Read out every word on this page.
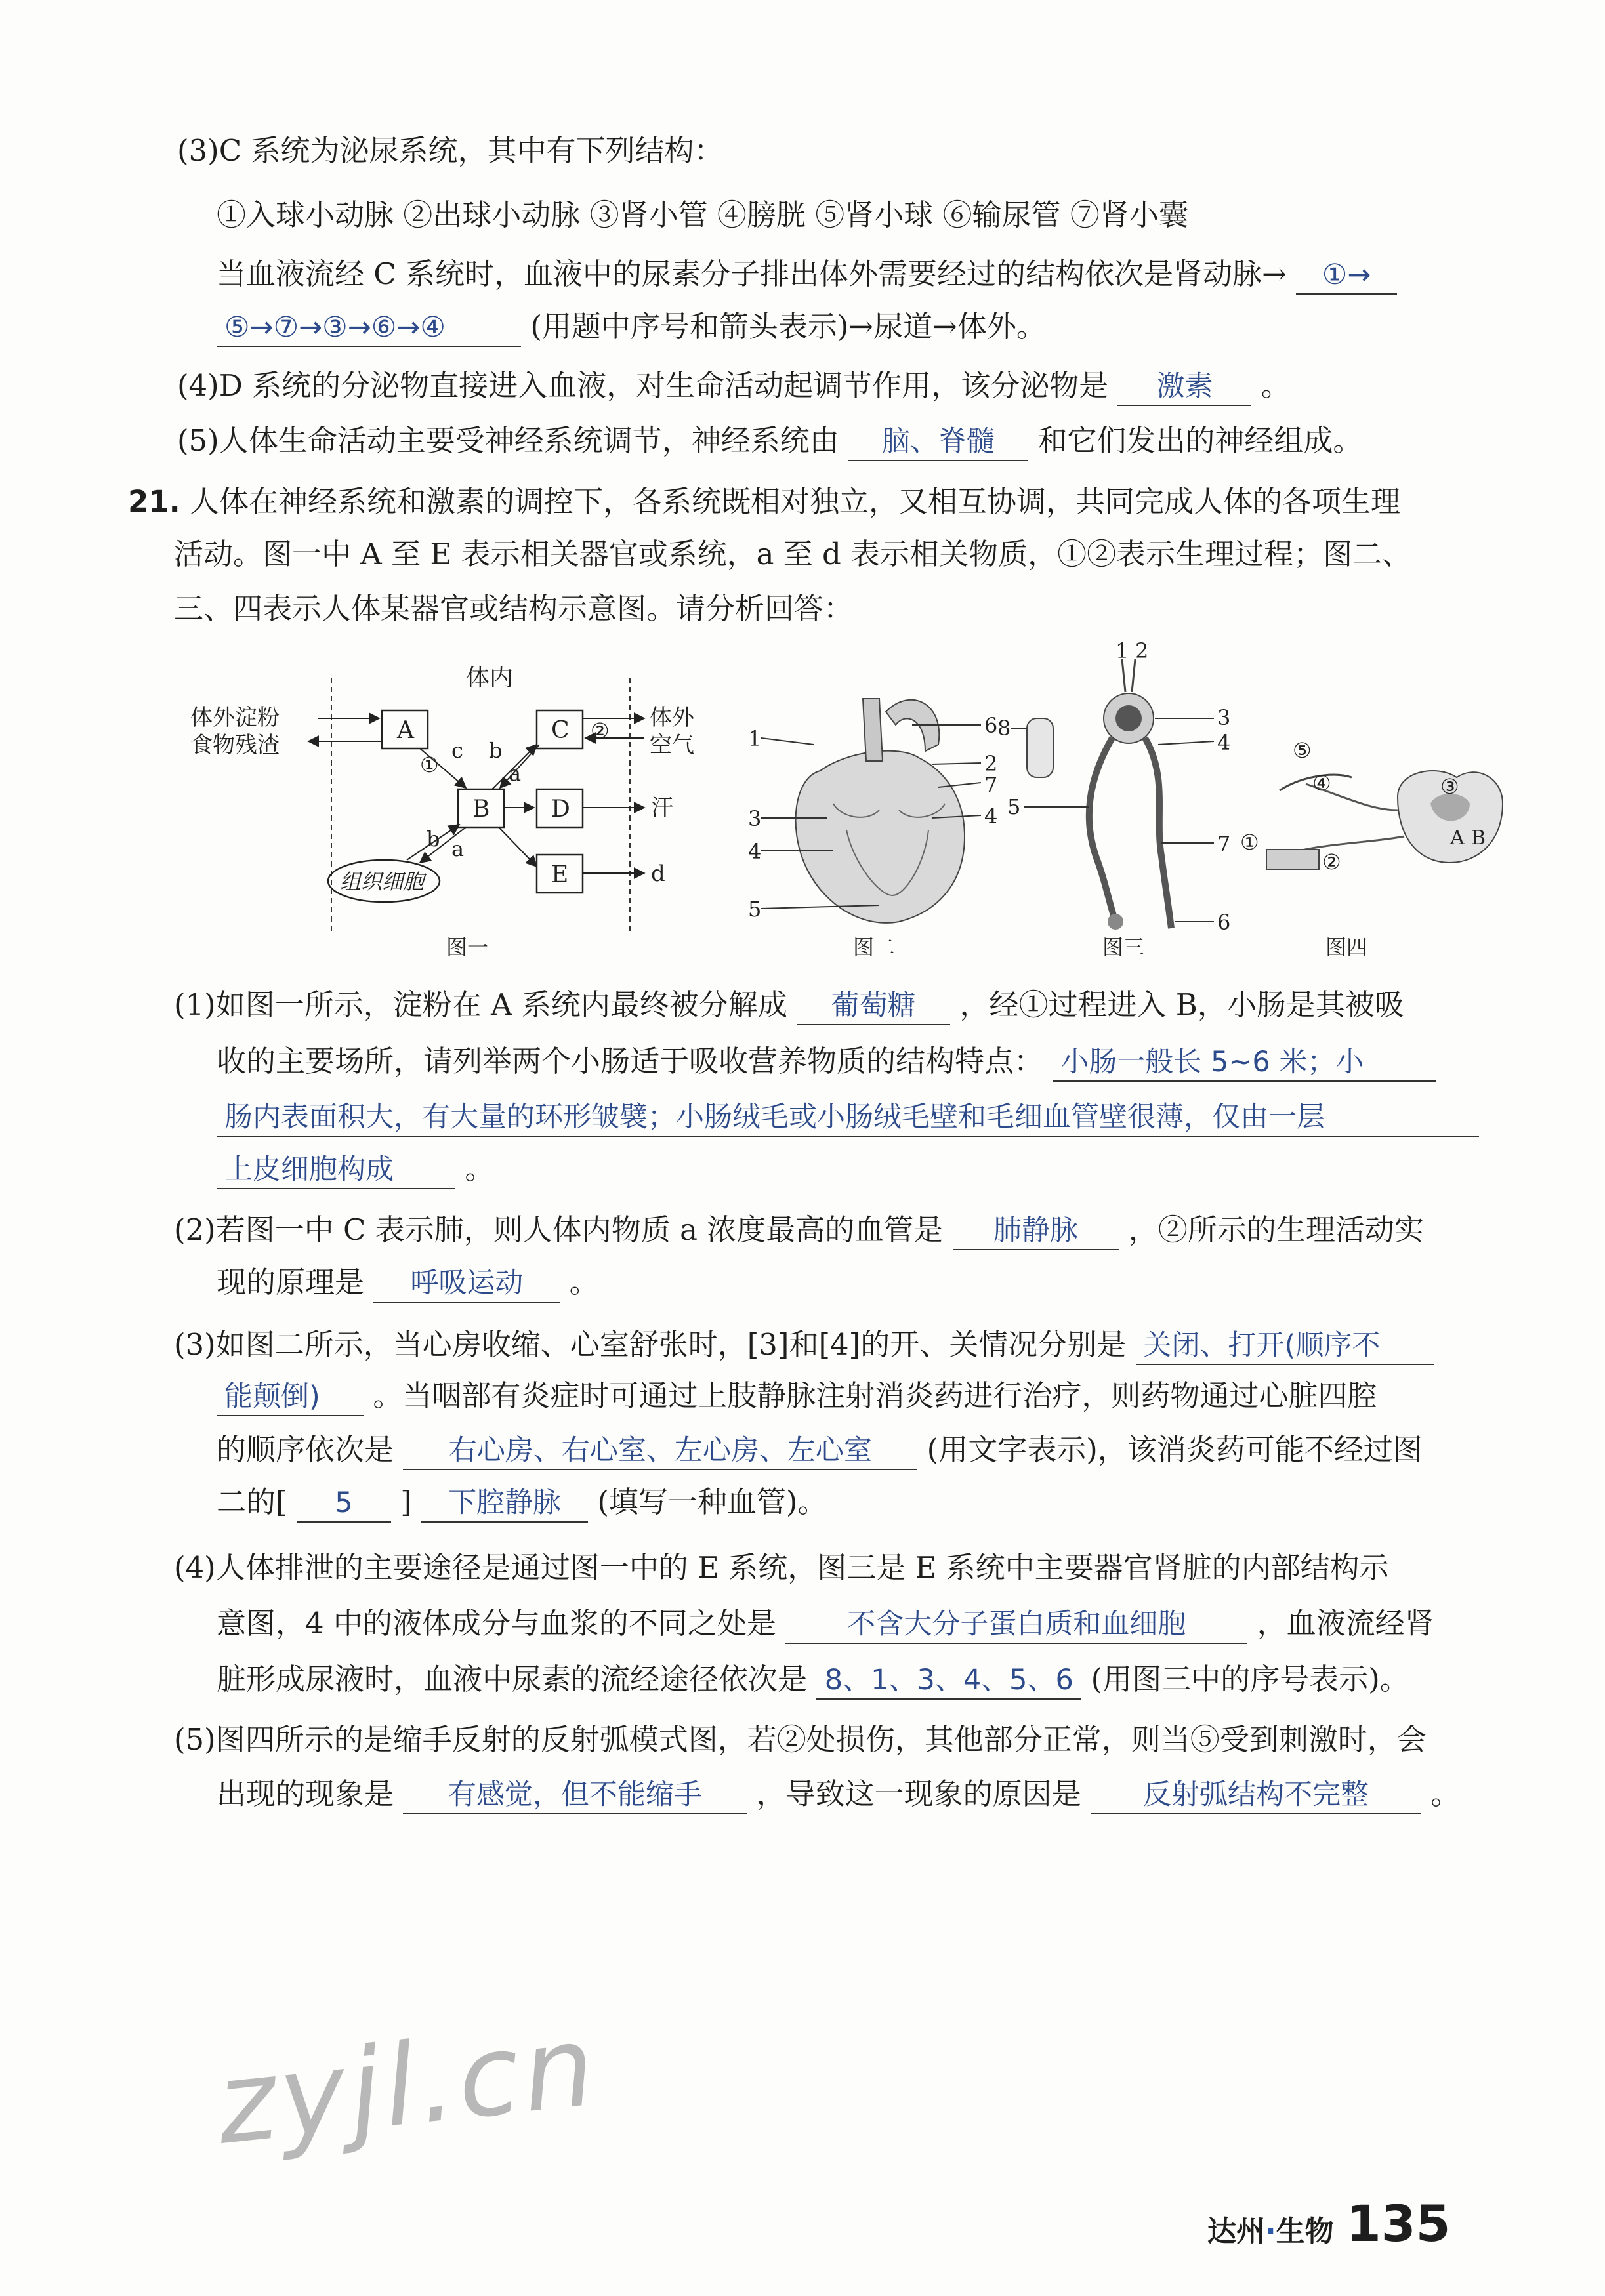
(3)C 系统为泌尿系统，其中有下列结构：
①入球小动脉 ②出球小动脉 ③肾小管 ④膀胱 ⑤肾小球 ⑥输尿管 ⑦肾小囊
当血液流经 C 系统时，血液中的尿素分子排出体外需要经过的结构依次是肾动脉→ ①→
⑤→⑦→③→⑥→④	(用题中序号和箭头表示)→尿道→体外。
(4)D 系统的分泌物直接进入血液，对生命活动起调节作用，该分泌物是 激素 。
(5)人体生命活动主要受神经系统调节，神经系统由 脑、脊髓 和它们发出的神经组成。
21. 人体在神经系统和激素的调控下，各系统既相对独立，又相互协调，共同完成人体的各项生理
活动。图一中 A 至 E 表示相关器官或系统，a 至 d 表示相关物质，①②表示生理过程；图二、
三、四表示人体某器官或结构示意图。请分析回答：
体内
体外淀粉
食物残渣
体外
空气
A
B
C
D
E
组织细胞
汗
d
c b
a
b a
①
②
图一
1
2
3
4
4
5
6
7
图二
1 2
3
4
5
6
7
8
图三
⑤
④	③
①
②
A B
图四
(1)如图一所示，淀粉在 A 系统内最终被分解成 葡萄糖 ，经①过程进入 B，小肠是其被吸
收的主要场所，请列举两个小肠适于吸收营养物质的结构特点： 小肠一般长 5~6 米；小
肠内表面积大，有大量的环形皱襞；小肠绒毛或小肠绒毛壁和毛细血管壁很薄，仅由一层
上皮细胞构成 。
(2)若图一中 C 表示肺，则人体内物质 a 浓度最高的血管是 肺静脉 ，②所示的生理活动实
现的原理是 呼吸运动 。
(3)如图二所示，当心房收缩、心室舒张时，[3]和[4]的开、关情况分别是 关闭、打开(顺序不
能颠倒) 。当咽部有炎症时可通过上肢静脉注射消炎药进行治疗，则药物通过心脏四腔
的顺序依次是 右心房、右心室、左心房、左心室 (用文字表示)，该消炎药可能不经过图
二的[ 5 ] 下腔静脉 (填写一种血管)。
(4)人体排泄的主要途径是通过图一中的 E 系统，图三是 E 系统中主要器官肾脏的内部结构示
意图，4 中的液体成分与血浆的不同之处是	不含大分子蛋白质和血细胞 ，血液流经肾
脏形成尿液时，血液中尿素的流经途径依次是 8、1、3、4、5、6 (用图三中的序号表示)。
(5)图四所示的是缩手反射的反射弧模式图，若②处损伤，其他部分正常，则当⑤受到刺激时，会
出现的现象是 有感觉，但不能缩手 ，导致这一现象的原因是 反射弧结构不完整 。
zyjl.cn
达州·生物 135
